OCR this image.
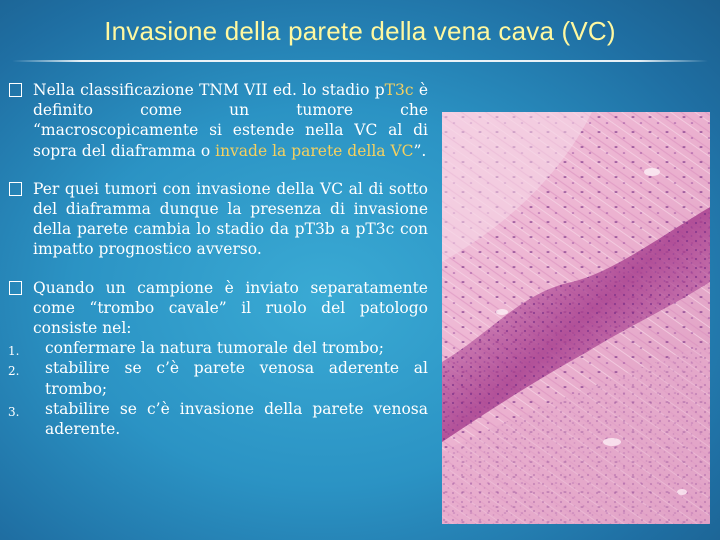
Invasione della parete della vena cava (VC)
Nella classificazione TNM VII ed. lo stadio pT3c è definito come un tumore che “macroscopicamente si estende nella VC al di sopra del diaframma o invade la parete della VC”.
Per quei tumori con invasione della VC al di sotto del diaframma dunque la presenza di invasione della parete cambia lo stadio da pT3b a pT3c con impatto prognostico avverso.
Quando un campione è inviato separatamente come “trombo cavale” il ruolo del patologo consiste nel:
1. confermare la natura tumorale del trombo;
2. stabilire se c’è parete venosa aderente al trombo;
3. stabilire se c’è invasione della parete venosa aderente.
